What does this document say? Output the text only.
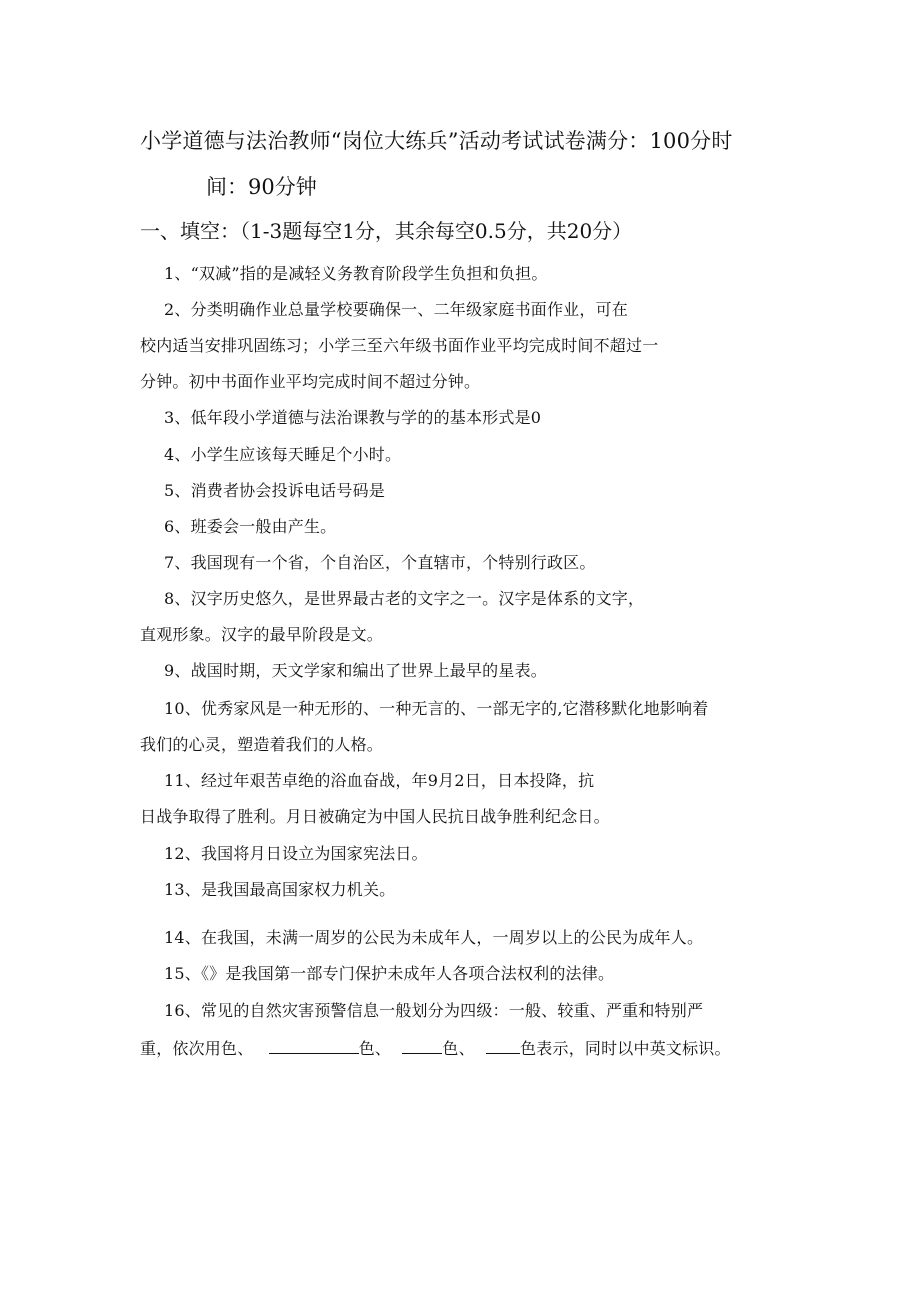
小学道德与法治教师“岗位大练兵”活动考试试卷满分：100分时
间：90分钟
一、填空：（1-3题每空1分，其余每空0.5分，共20分）
1、“双减”指的是减轻义务教育阶段学生负担和负担。
2、分类明确作业总量学校要确保一、二年级家庭书面作业，可在
校内适当安排巩固练习；小学三至六年级书面作业平均完成时间不超过一
分钟。初中书面作业平均完成时间不超过分钟。
3、低年段小学道德与法治课教与学的的基本形式是0
4、小学生应该每天睡足个小时。
5、消费者协会投诉电话号码是
6、班委会一般由产生。
7、我国现有一个省，个自治区，个直辖市，个特别行政区。
8、汉字历史悠久，是世界最古老的文字之一。汉字是体系的文字，
直观形象。汉字的最早阶段是文。
9、战国时期，天文学家和编出了世界上最早的星表。
10、优秀家风是一种无形的、一种无言的、一部无字的,它潜移默化地影响着
我们的心灵，塑造着我们的人格。
11、经过年艰苦卓绝的浴血奋战，年9月2日，日本投降，抗
日战争取得了胜利。月日被确定为中国人民抗日战争胜利纪念日。
12、我国将月日设立为国家宪法日。
13、是我国最高国家权力机关。
14、在我国，未满一周岁的公民为未成年人，一周岁以上的公民为成年人。
15、《》是我国第一部专门保护未成年人各项合法权利的法律。
16、常见的自然灾害预警信息一般划分为四级：一般、较重、严重和特别严
重，依次用色、	色、	色、	色表示，同时以中英文标识。
